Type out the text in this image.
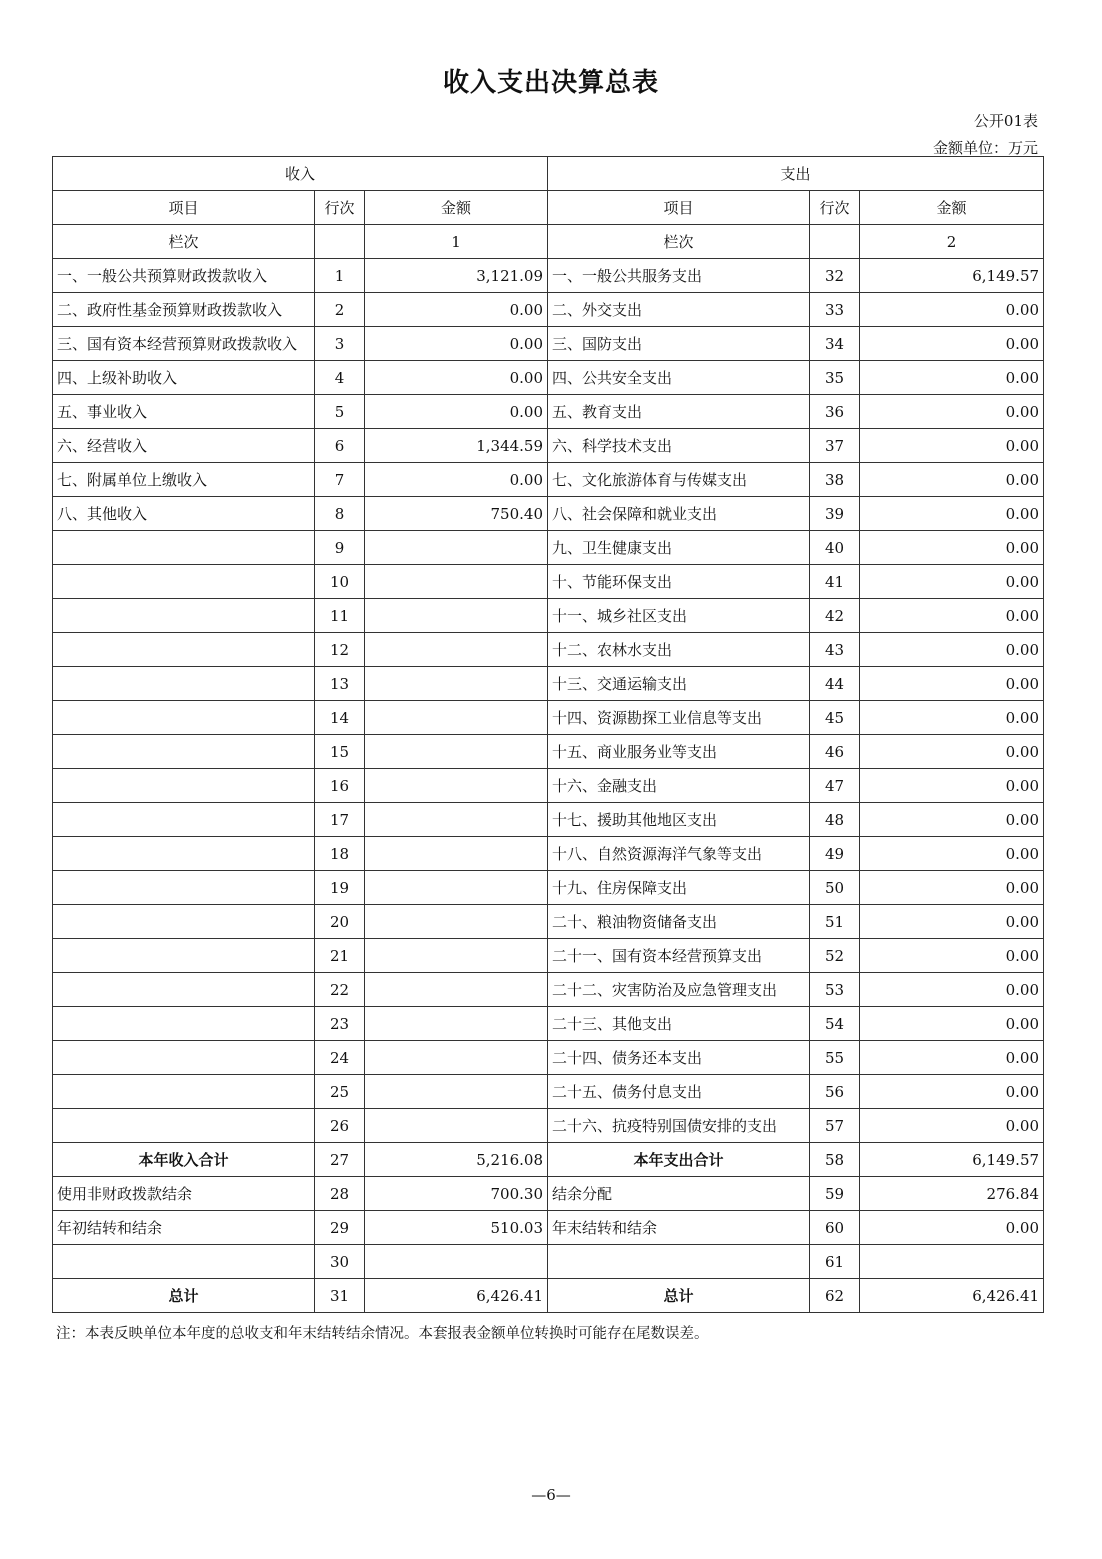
收入支出决算总表
公开01表
金额单位：万元
收入			支出		
项目	行次	金额	项目	行次	金额
栏次		1	栏次		2
一、一般公共预算财政拨款收入	1	3,121.09	一、一般公共服务支出	32	6,149.57
二、政府性基金预算财政拨款收入	2	0.00	二、外交支出	33	0.00
三、国有资本经营预算财政拨款收入	3	0.00	三、国防支出	34	0.00
四、上级补助收入	4	0.00	四、公共安全支出	35	0.00
五、事业收入	5	0.00	五、教育支出	36	0.00
六、经营收入	6	1,344.59	六、科学技术支出	37	0.00
七、附属单位上缴收入	7	0.00	七、文化旅游体育与传媒支出	38	0.00
八、其他收入	8	750.40	八、社会保障和就业支出	39	0.00
	9		九、卫生健康支出	40	0.00
	10		十、节能环保支出	41	0.00
	11		十一、城乡社区支出	42	0.00
	12		十二、农林水支出	43	0.00
	13		十三、交通运输支出	44	0.00
	14		十四、资源勘探工业信息等支出	45	0.00
	15		十五、商业服务业等支出	46	0.00
	16		十六、金融支出	47	0.00
	17		十七、援助其他地区支出	48	0.00
	18		十八、自然资源海洋气象等支出	49	0.00
	19		十九、住房保障支出	50	0.00
	20		二十、粮油物资储备支出	51	0.00
	21		二十一、国有资本经营预算支出	52	0.00
	22		二十二、灾害防治及应急管理支出	53	0.00
	23		二十三、其他支出	54	0.00
	24		二十四、债务还本支出	55	0.00
	25		二十五、债务付息支出	56	0.00
	26		二十六、抗疫特别国债安排的支出	57	0.00
本年收入合计	27	5,216.08	本年支出合计	58	6,149.57
使用非财政拨款结余	28	700.30	结余分配	59	276.84
年初结转和结余	29	510.03	年末结转和结余	60	0.00
	30			61	
总计	31	6,426.41	总计	62	6,426.41
注：本表反映单位本年度的总收支和年末结转结余情况。本套报表金额单位转换时可能存在尾数误差。
—6—
